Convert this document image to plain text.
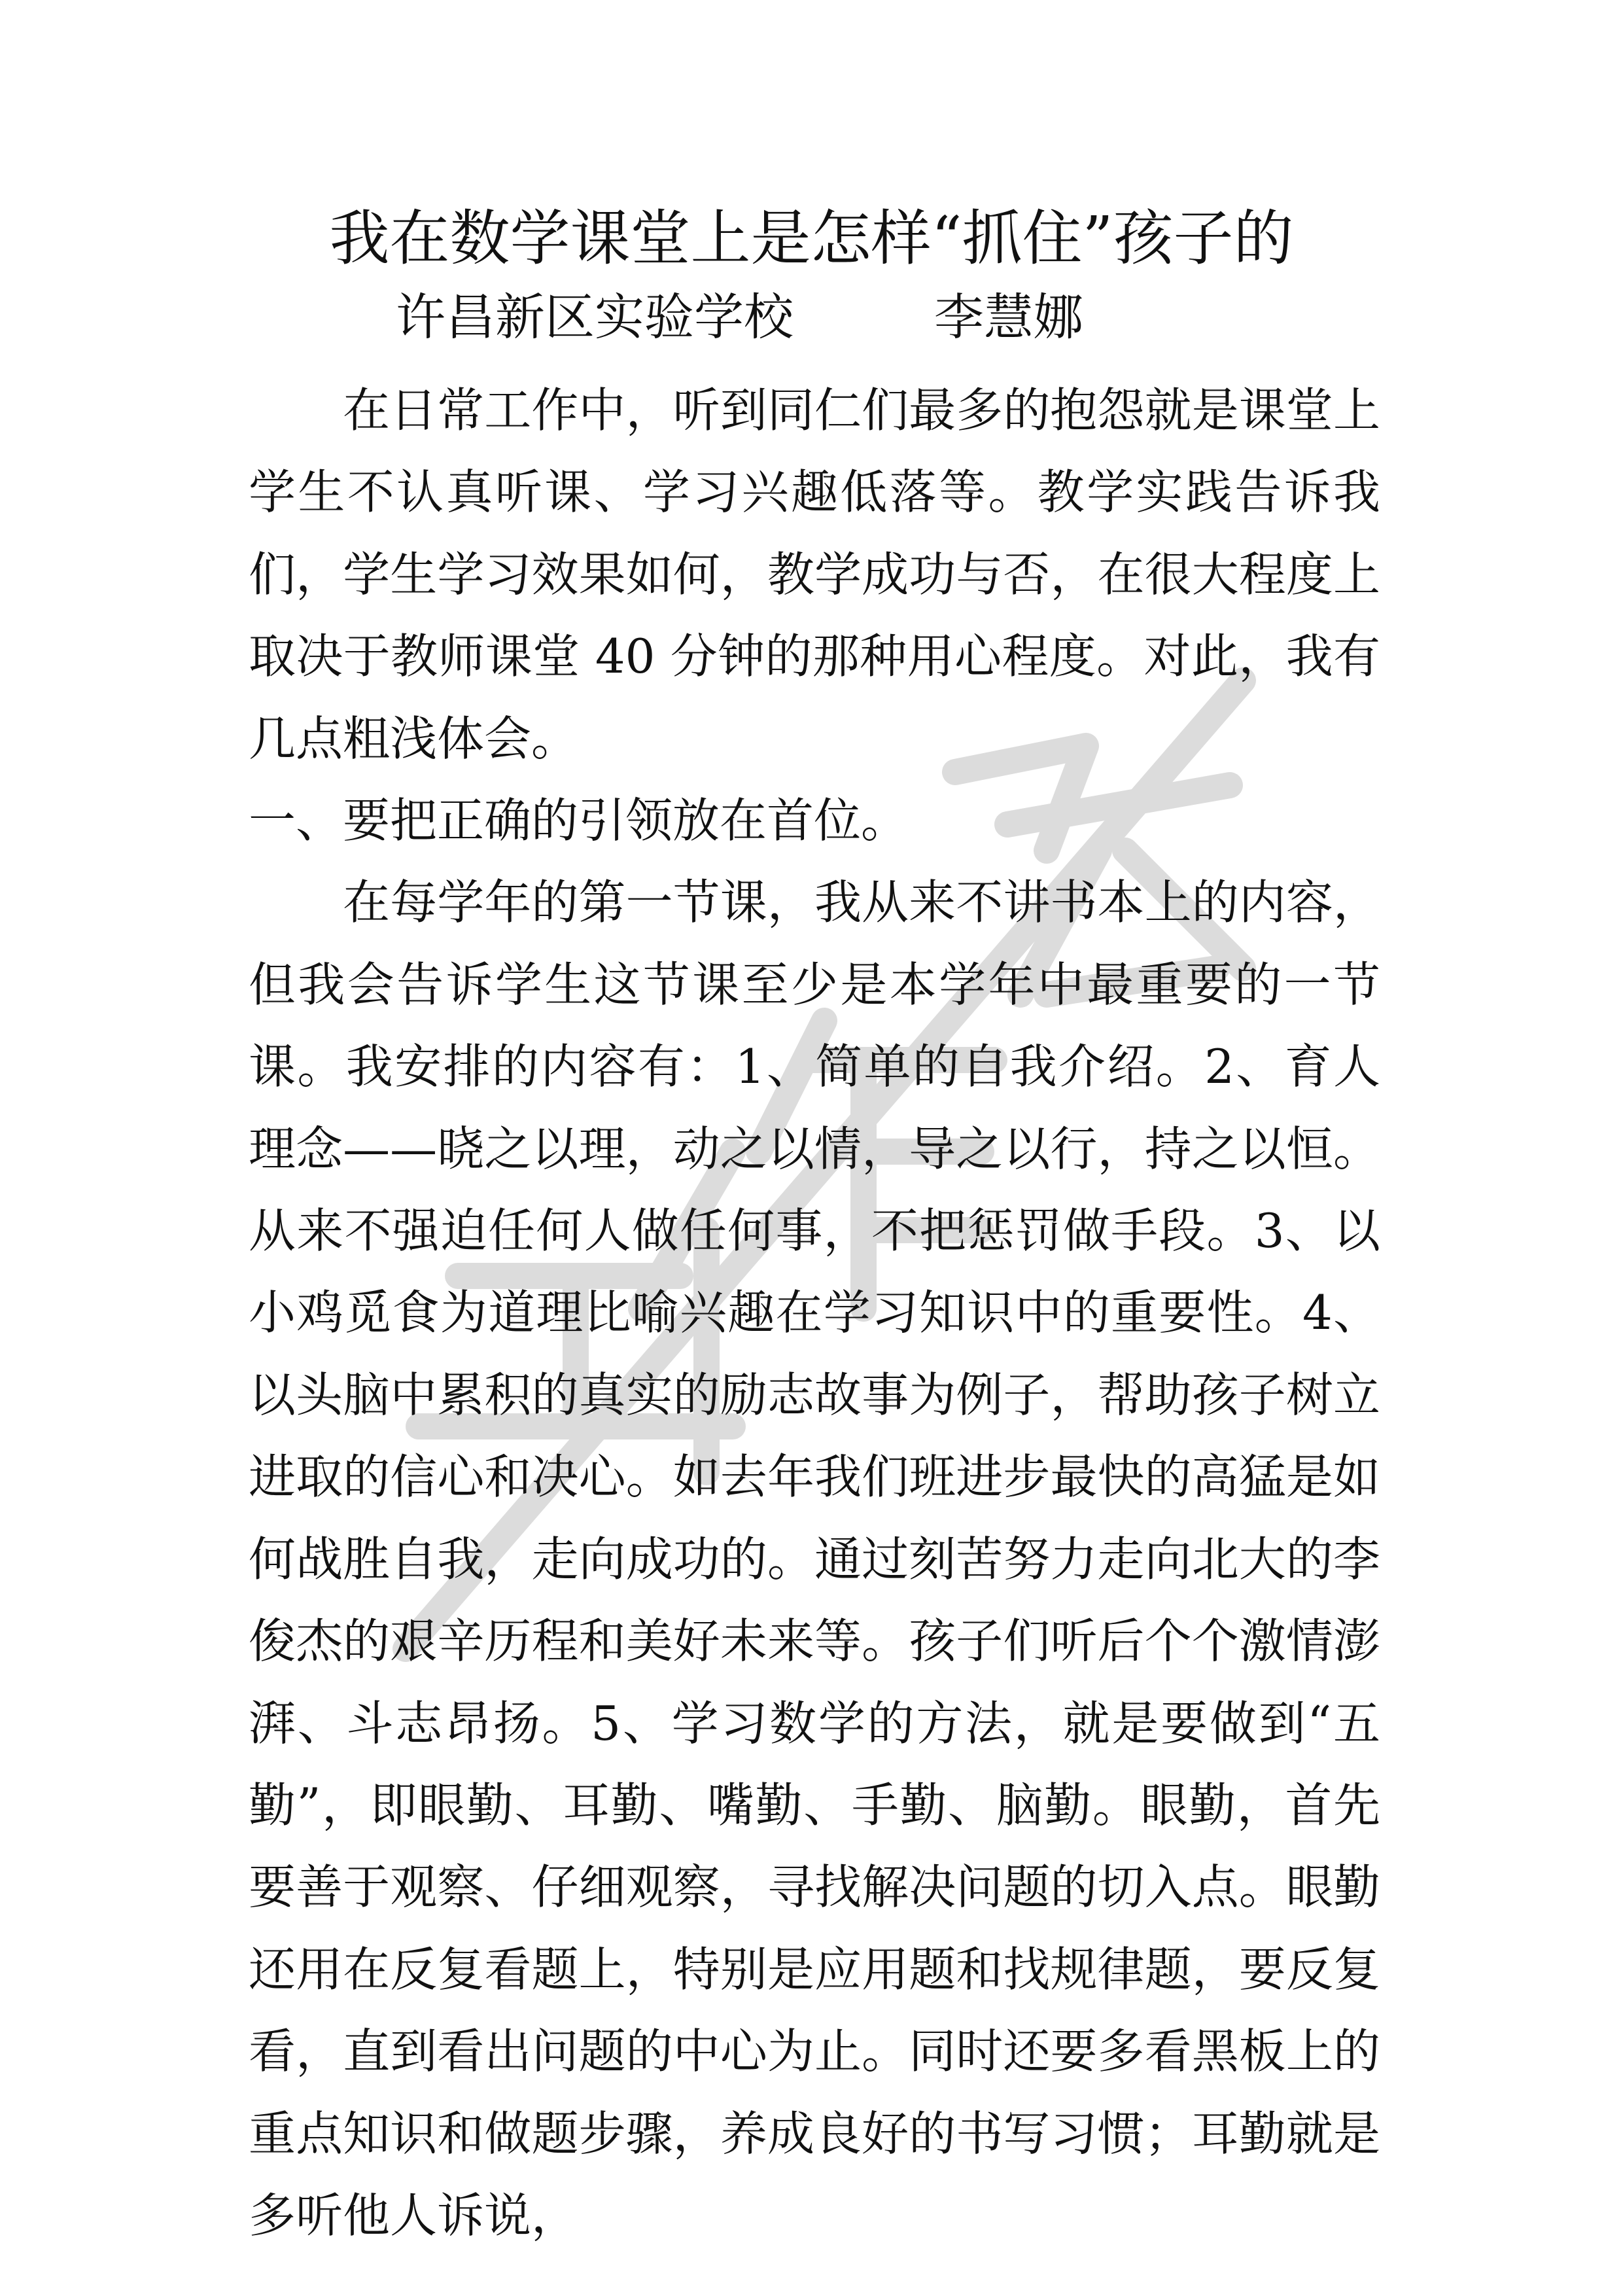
我在数学课堂上是怎样“抓住”孩子的
许昌新区实验学校	李慧娜

在日常工作中，听到同仁们最多的抱怨就是课堂上学生不认真听课、学习兴趣低落等。教学实践告诉我们，学生学习效果如何，教学成功与否，在很大程度上取决于教师课堂 40 分钟的那种用心程度。对此，我有几点粗浅体会。

一、要把正确的引领放在首位。

在每学年的第一节课，我从来不讲书本上的内容，但我会告诉学生这节课至少是本学年中最重要的一节课。我安排的内容有：1、简单的自我介绍。2、育人理念——晓之以理，动之以情，导之以行，持之以恒。从来不强迫任何人做任何事，不把惩罚做手段。3、以小鸡觅食为道理比喻兴趣在学习知识中的重要性。4、以头脑中累积的真实的励志故事为例子，帮助孩子树立进取的信心和决心。如去年我们班进步最快的高猛是如何战胜自我，走向成功的。通过刻苦努力走向北大的李俊杰的艰辛历程和美好未来等。孩子们听后个个激情澎湃、斗志昂扬。5、学习数学的方法，就是要做到“五勤”，即眼勤、耳勤、嘴勤、手勤、脑勤。眼勤，首先要善于观察、仔细观察，寻找解决问题的切入点。眼勤还用在反复看题上，特别是应用题和找规律题，要反复看，直到看出问题的中心为止。同时还要多看黑板上的重点知识和做题步骤，养成良好的书写习惯；耳勤就是多听他人诉说，
